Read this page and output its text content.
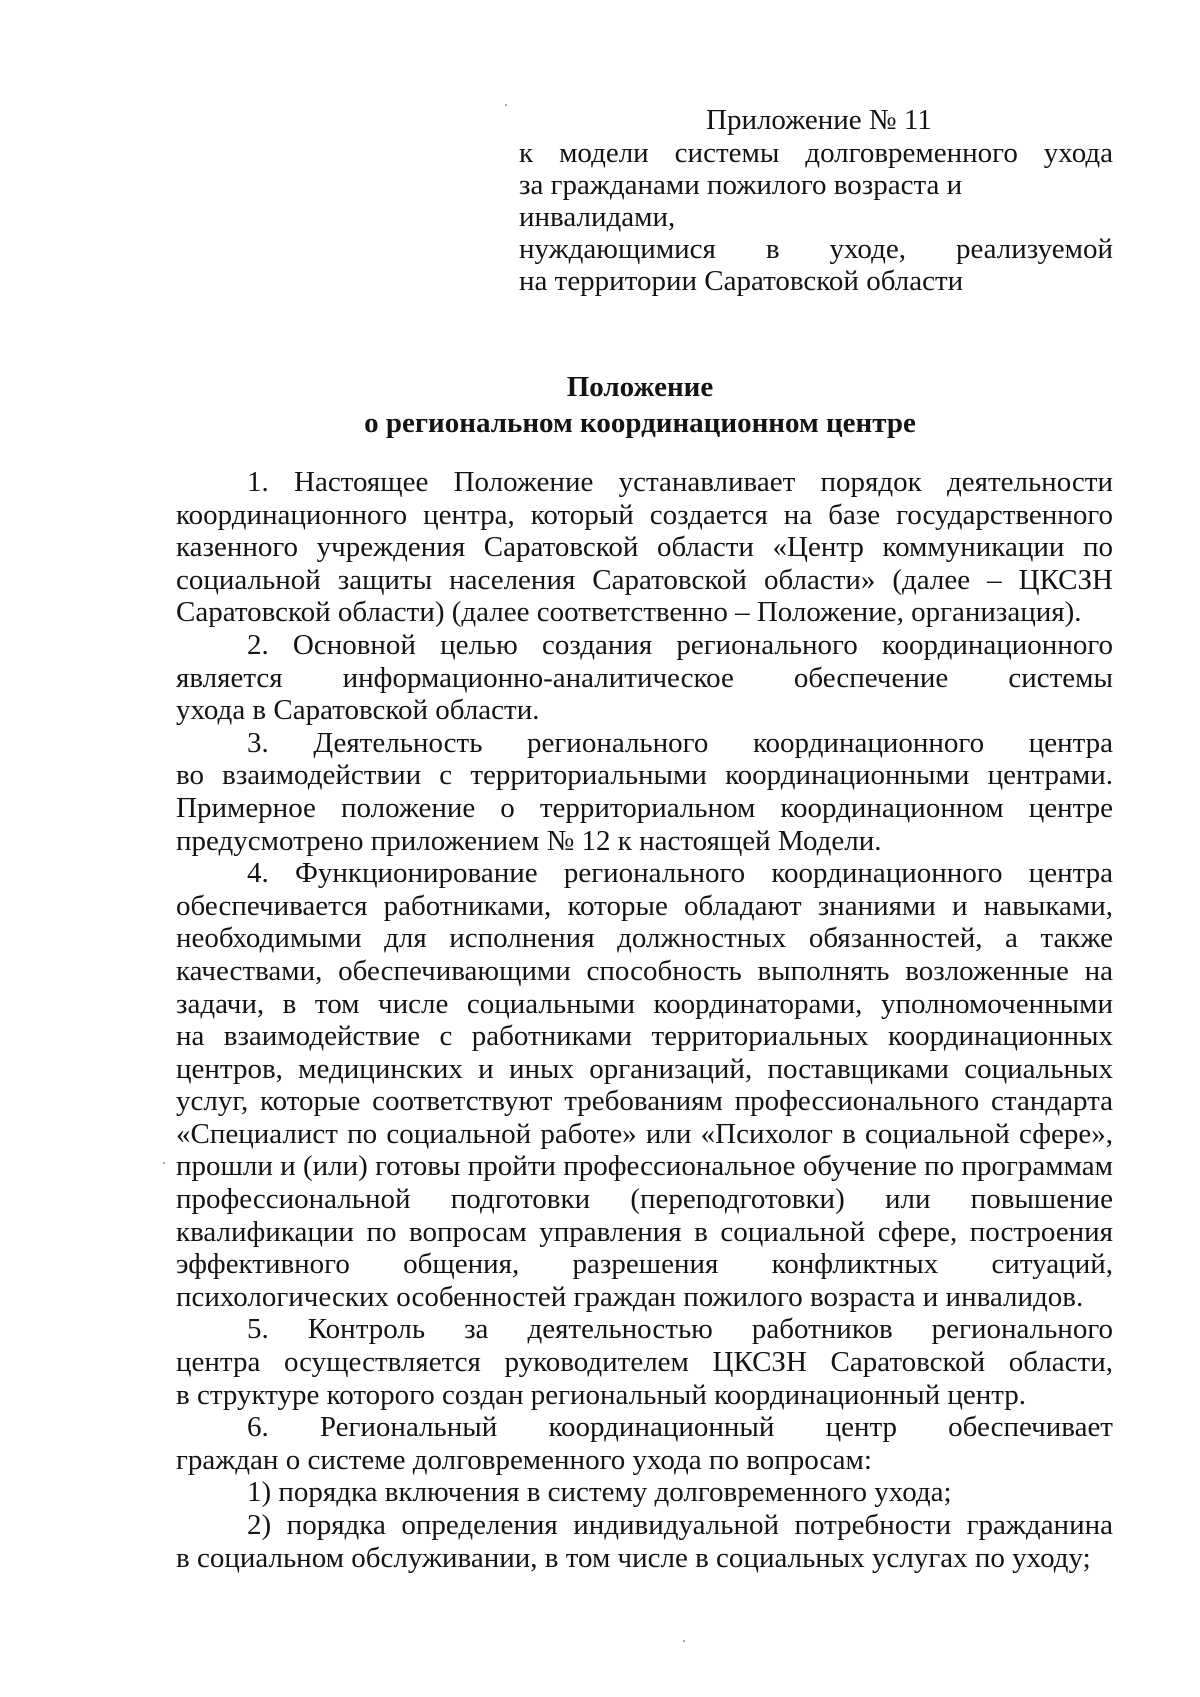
Приложение № 11
к модели системы долговременного ухода
за гражданами пожилого возраста и инвалидами,
нуждающимися в уходе, реализуемой
на территории Саратовской области
Положение
о региональном координационном центре
1. Настоящее Положение устанавливает порядок деятельности
координационного центра, который создается на базе государственного
казенного учреждения Саратовской области «Центр коммуникации по
социальной защиты населения Саратовской области» (далее – ЦКСЗН
Саратовской области) (далее соответственно – Положение, организация).
2. Основной целью создания регионального координационного
является информационно-аналитическое обеспечение системы
ухода в Саратовской области.
3. Деятельность регионального координационного центра
во взаимодействии с территориальными координационными центрами.
Примерное положение о территориальном координационном центре
предусмотрено приложением № 12 к настоящей Модели.
4. Функционирование регионального координационного центра
обеспечивается работниками, которые обладают знаниями и навыками,
необходимыми для исполнения должностных обязанностей, а также
качествами, обеспечивающими способность выполнять возложенные на
задачи, в том числе социальными координаторами, уполномоченными
на взаимодействие с работниками территориальных координационных
центров, медицинских и иных организаций, поставщиками социальных
услуг, которые соответствуют требованиям профессионального стандарта
«Специалист по социальной работе» или «Психолог в социальной сфере»,
прошли и (или) готовы пройти профессиональное обучение по программам
профессиональной подготовки (переподготовки) или повышение
квалификации по вопросам управления в социальной сфере, построения
эффективного общения, разрешения конфликтных ситуаций,
психологических особенностей граждан пожилого возраста и инвалидов.
5. Контроль за деятельностью работников регионального
центра осуществляется руководителем ЦКСЗН Саратовской области,
в структуре которого создан региональный координационный центр.
6. Региональный координационный центр обеспечивает
граждан о системе долговременного ухода по вопросам:
1) порядка включения в систему долговременного ухода;
2) порядка определения индивидуальной потребности гражданина
в социальном обслуживании, в том числе в социальных услугах по уходу;
